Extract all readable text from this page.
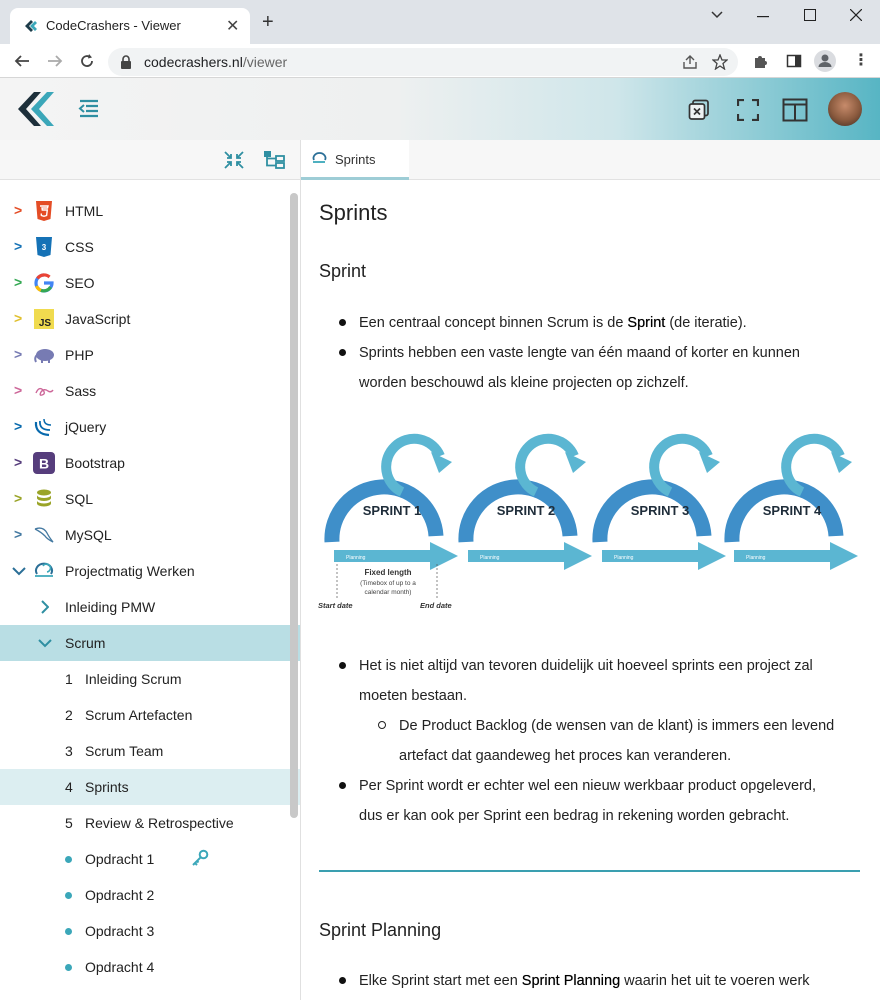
CodeCrashers - Viewer	✕ +
codecrashers.nl/viewer	⋮
Sprints
>	HTML
> 3 CSS
>	SEO
> JS JavaScript
>	PHP
>	Sass
>	jQuery
> B Bootstrap
>	SQL
>	MySQL
Projectmatig Werken
Inleiding PMW
Scrum
1 Inleiding Scrum
2 Scrum Artefacten
3 Scrum Team
4 Sprints
5 Review & Retrospective
Opdracht 1
Opdracht 2
Opdracht 3
Opdracht 4
Sprints
Sprint
Een centraal concept binnen Scrum is de Sprint (de iteratie).
Sprints hebben een vaste lengte van één maand of korter en kunnen
worden beschouwd als kleine projecten op zichzelf.
SPRINT 1	SPRINT 2	SPRINT 3	SPRINT 4
Planning	Planning	Planning	Planning
Fixed length
(Timebox of up to a
calendar month)
Start date	End date
Het is niet altijd van tevoren duidelijk uit hoeveel sprints een project zal
moeten bestaan.
De Product Backlog (de wensen van de klant) is immers een levend
artefact dat gaandeweg het proces kan veranderen.
Per Sprint wordt er echter wel een nieuw werkbaar product opgeleverd,
dus er kan ook per Sprint een bedrag in rekening worden gebracht.
Sprint Planning
Elke Sprint start met een Sprint Planning waarin het uit te voeren werk
